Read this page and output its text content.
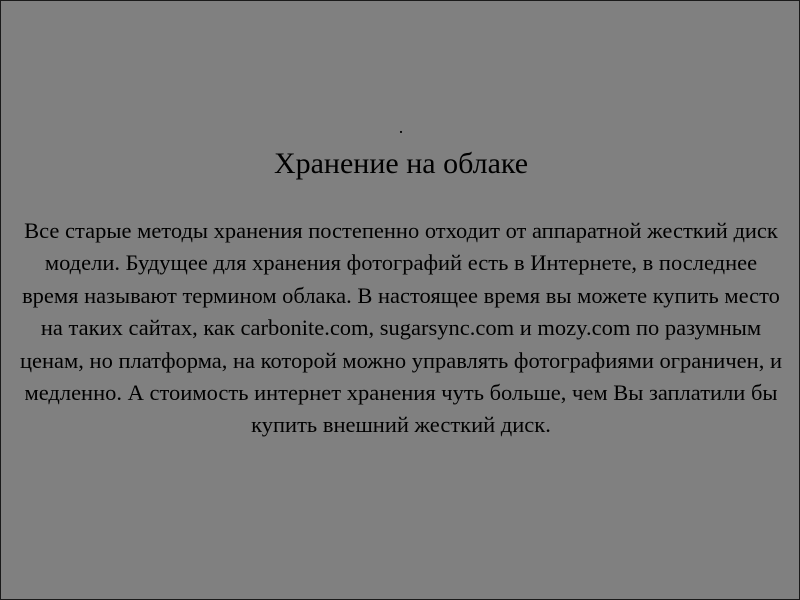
.
Хранение на облаке
Все старые методы хранения постепенно отходит от аппаратной жесткий диск модели. Будущее для хранения фотографий есть в Интернете, в последнее время называют термином облака. В настоящее время вы можете купить место на таких сайтах, как carbonite.com, sugarsync.com и mozy.com по разумным ценам, но платформа, на которой можно управлять фотографиями ограничен, и медленно. А стоимость интернет хранения чуть больше, чем Вы заплатили бы купить внешний жесткий диск.
